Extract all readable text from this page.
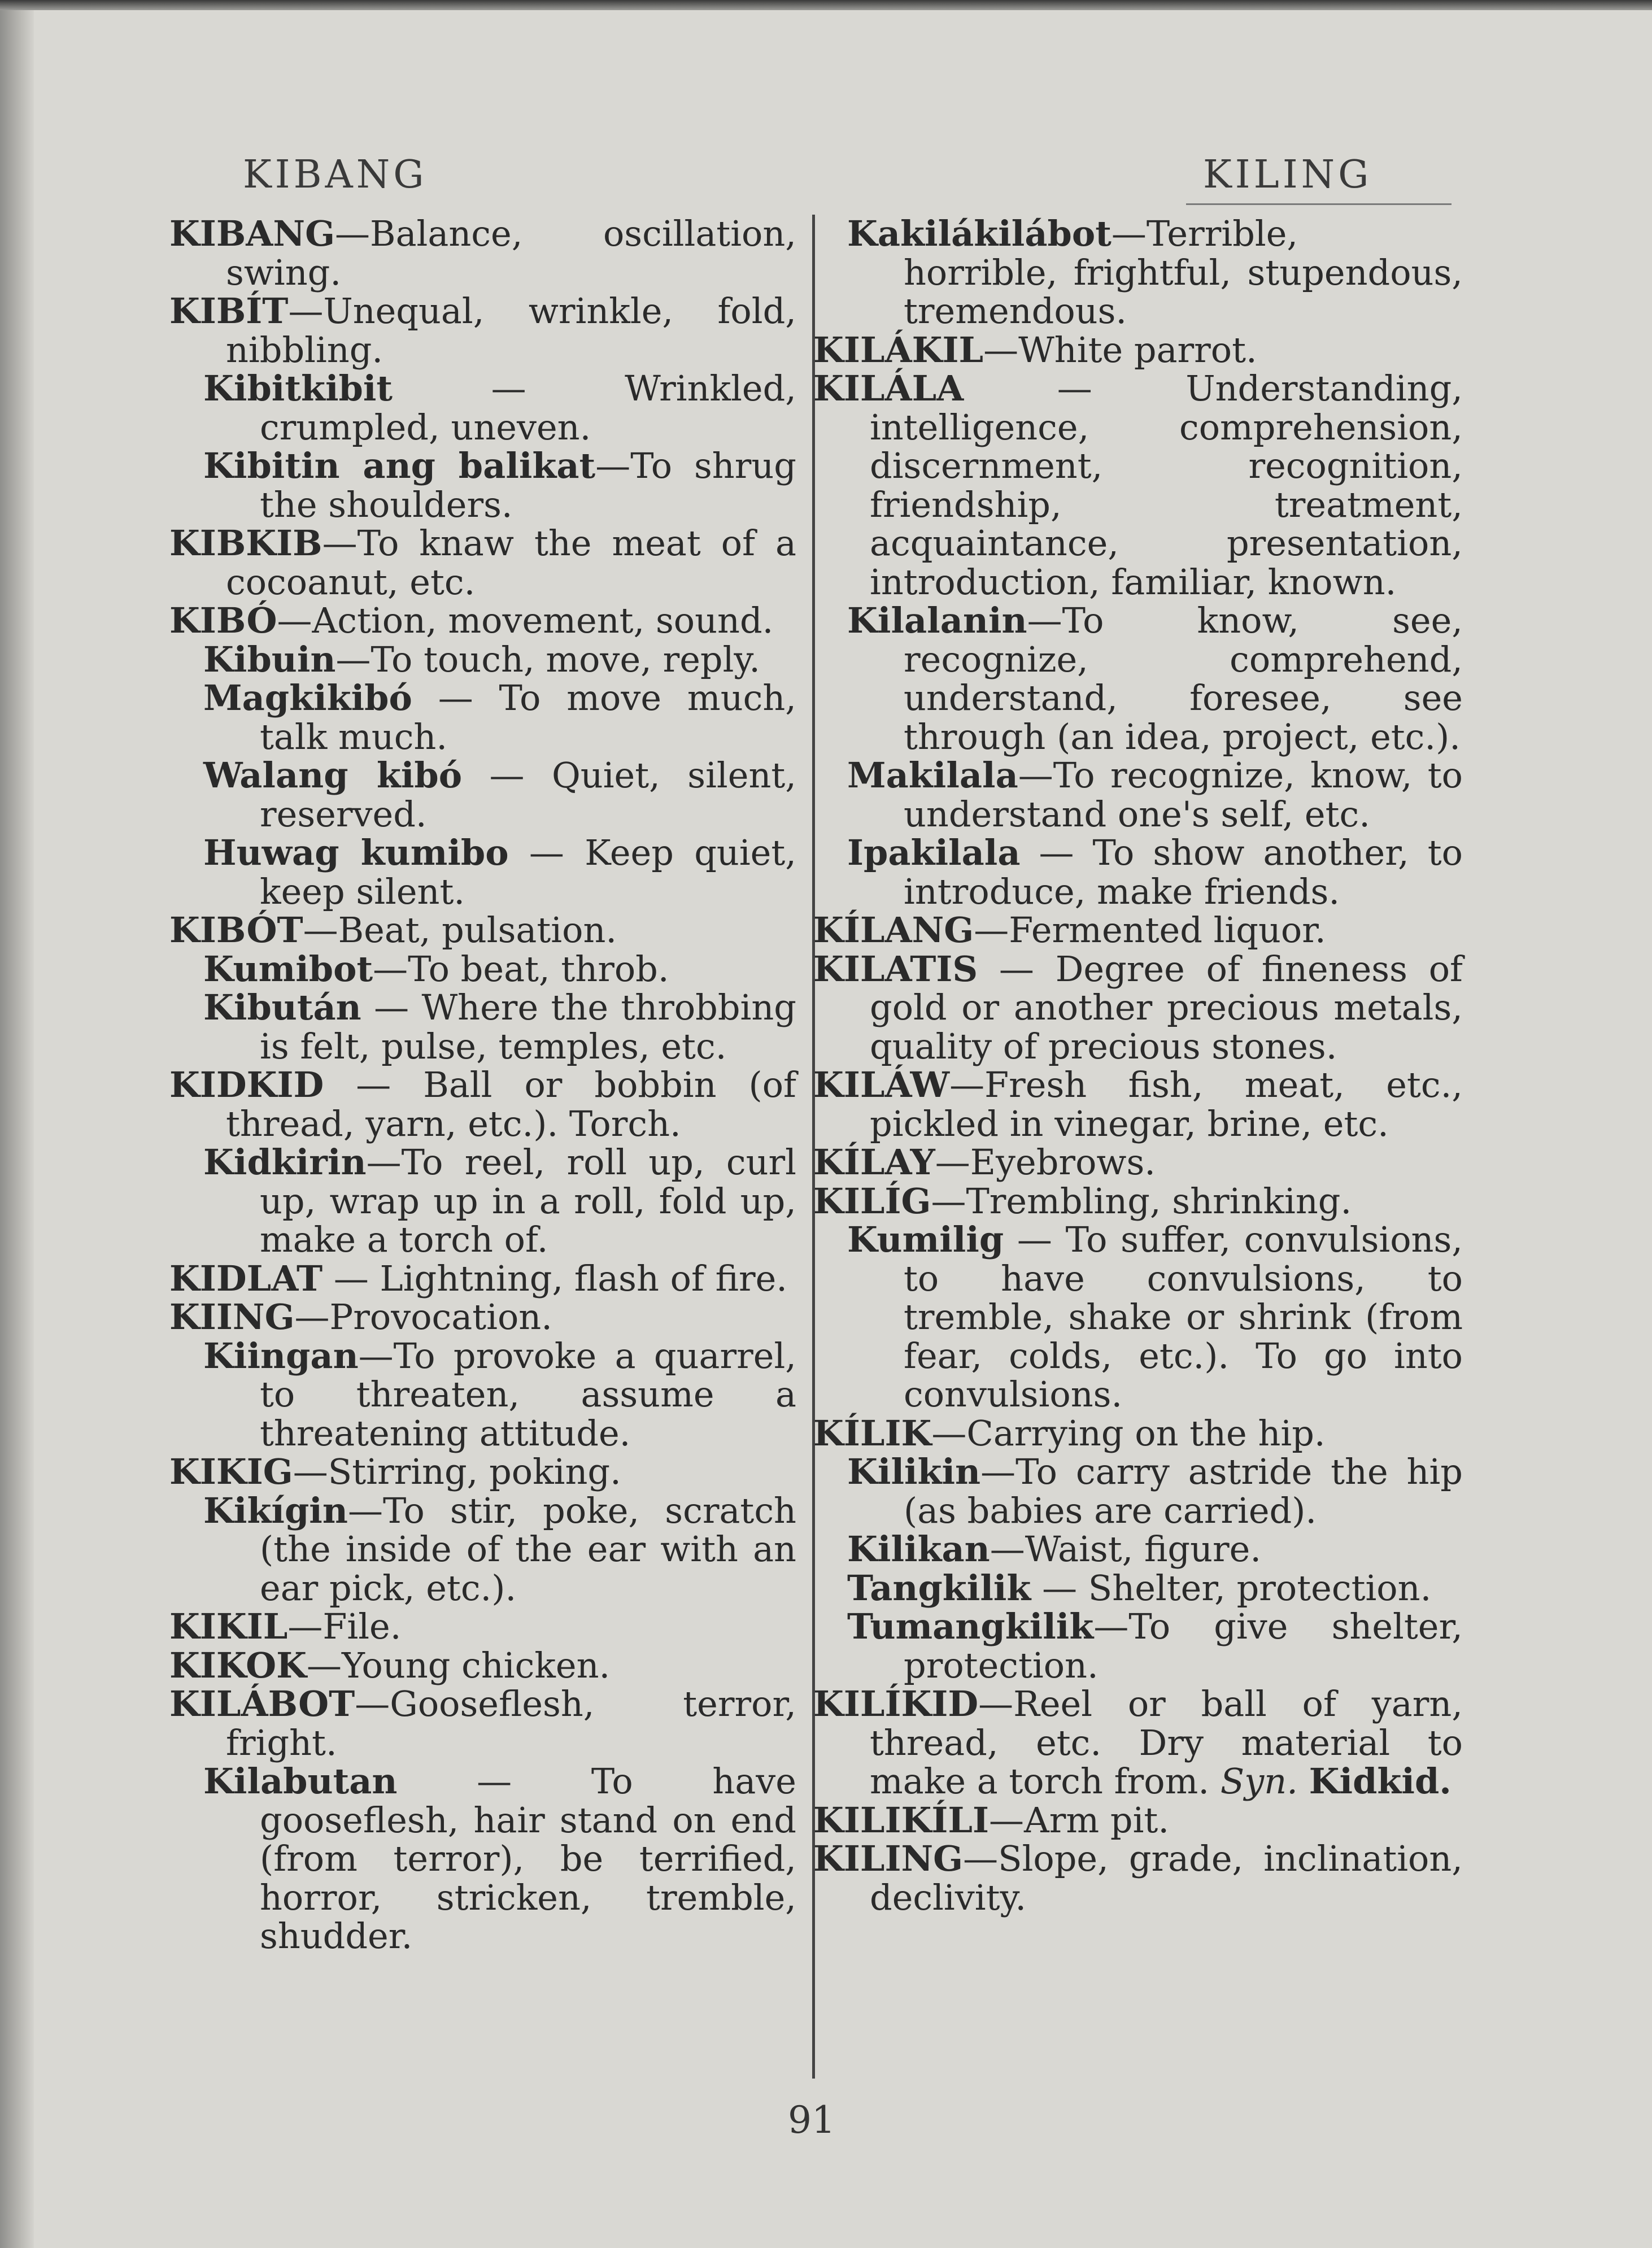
KIBANG	KILING

KIBANG—Balance, oscillation, swing.

KIBÍT—Unequal, wrinkle, fold, nibbling.

Kibitkibit — Wrinkled, crumpled, uneven.

Kibitin ang balikat—To shrug the shoulders.

KIBKIB—To knaw the meat of a cocoanut, etc.

KIBÓ—Action, movement, sound.

Kibuin—To touch, move, reply.

Magkikibó — To move much, talk much.

Walang kibó — Quiet, silent, reserved.

Huwag kumibo — Keep quiet, keep silent.

KIBÓT—Beat, pulsation.

Kumibot—To beat, throb.

Kibután — Where the throbbing is felt, pulse, temples, etc.

KIDKID — Ball or bobbin (of thread, yarn, etc.). Torch.

Kidkirin—To reel, roll up, curl up, wrap up in a roll, fold up, make a torch of.

KIDLAT — Lightning, flash of fire.

KIING—Provocation.

Kiingan—To provoke a quarrel, to threaten, assume a threatening attitude.

KIKIG—Stirring, poking.

Kikígin—To stir, poke, scratch (the inside of the ear with an ear pick, etc.).

KIKIL—File.

KIKOK—Young chicken.

KILÁBOT—Gooseflesh, terror, fright.

Kilabutan — To have gooseflesh, hair stand on end (from terror), be terrified, horror, stricken, tremble, shudder.

Kakilákilábot—Terrible, horrible, frightful, stupendous, tremendous.

KILÁKIL—White parrot.

KILÁLA — Understanding, intelligence, comprehension, discernment, recognition, friendship, treatment, acquaintance, presentation, introduction, familiar, known.

Kilalanin—To know, see, recognize, comprehend, understand, foresee, see through (an idea, project, etc.).

Makilala—To recognize, know, to understand one's self, etc.

Ipakilala — To show another, to introduce, make friends.

KÍLANG—Fermented liquor.

KILATIS — Degree of fineness of gold or another precious metals, quality of precious stones.

KILÁW—Fresh fish, meat, etc., pickled in vinegar, brine, etc.

KÍLAY—Eyebrows.

KILÍG—Trembling, shrinking.

Kumilig — To suffer, convulsions, to have convulsions, to tremble, shake or shrink (from fear, colds, etc.). To go into convulsions.

KÍLIK—Carrying on the hip.

Kilikin—To carry astride the hip (as babies are carried).

Kilikan—Waist, figure.

Tangkilik — Shelter, protection.

Tumangkilik—To give shelter, protection.

KILÍKID—Reel or ball of yarn, thread, etc. Dry material to make a torch from. Syn. Kidkid.

KILIKÍLI—Arm pit.

KILING—Slope, grade, inclination, declivity.

91
